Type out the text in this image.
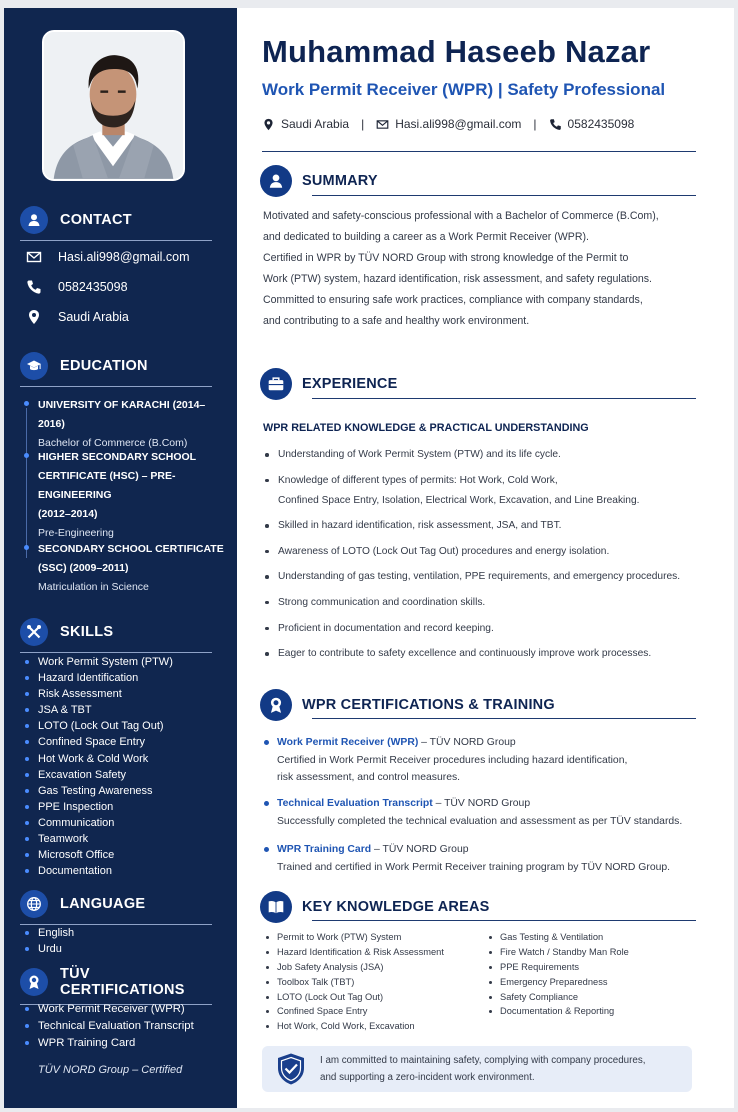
CONTACT
Hasi.ali998@gmail.com
0582435098
Saudi Arabia
EDUCATION
UNIVERSITY OF KARACHI (2014–2016)
Bachelor of Commerce (B.Com)
HIGHER SECONDARY SCHOOL
CERTIFICATE (HSC) – PRE-ENGINEERING
(2012–2014)
Pre-Engineering
SECONDARY SCHOOL CERTIFICATE
(SSC) (2009–2011)
Matriculation in Science
SKILLS
Work Permit System (PTW)
Hazard Identification
Risk Assessment
JSA & TBT
LOTO (Lock Out Tag Out)
Confined Space Entry
Hot Work & Cold Work
Excavation Safety
Gas Testing Awareness
PPE Inspection
Communication
Teamwork
Microsoft Office
Documentation
LANGUAGE
English
Urdu
TÜV CERTIFICATIONS
Work Permit Receiver (WPR)
Technical Evaluation Transcript
WPR Training Card
TÜV NORD Group – Certified
Muhammad Haseeb Nazar
Work Permit Receiver (WPR) | Safety Professional
Saudi Arabia |	Hasi.ali998@gmail.com |	0582435098
SUMMARY
Motivated and safety-conscious professional with a Bachelor of Commerce (B.Com),
and dedicated to building a career as a Work Permit Receiver (WPR).
Certified in WPR by TÜV NORD Group with strong knowledge of the Permit to
Work (PTW) system, hazard identification, risk assessment, and safety regulations.
Committed to ensuring safe work practices, compliance with company standards,
and contributing to a safe and healthy work environment.
EXPERIENCE
WPR RELATED KNOWLEDGE & PRACTICAL UNDERSTANDING
Understanding of Work Permit System (PTW) and its life cycle.
Knowledge of different types of permits: Hot Work, Cold Work,
Confined Space Entry, Isolation, Electrical Work, Excavation, and Line Breaking.
Skilled in hazard identification, risk assessment, JSA, and TBT.
Awareness of LOTO (Lock Out Tag Out) procedures and energy isolation.
Understanding of gas testing, ventilation, PPE requirements, and emergency procedures.
Strong communication and coordination skills.
Proficient in documentation and record keeping.
Eager to contribute to safety excellence and continuously improve work processes.
WPR CERTIFICATIONS & TRAINING
Work Permit Receiver (WPR) – TÜV NORD Group
Certified in Work Permit Receiver procedures including hazard identification,
risk assessment, and control measures.
Technical Evaluation Transcript – TÜV NORD Group
Successfully completed the technical evaluation and assessment as per TÜV standards.
WPR Training Card – TÜV NORD Group
Trained and certified in Work Permit Receiver training program by TÜV NORD Group.
KEY KNOWLEDGE AREAS
Permit to Work (PTW) System
Hazard Identification & Risk Assessment
Job Safety Analysis (JSA)
Toolbox Talk (TBT)
LOTO (Lock Out Tag Out)
Confined Space Entry
Hot Work, Cold Work, Excavation
Gas Testing & Ventilation
Fire Watch / Standby Man Role
PPE Requirements
Emergency Preparedness
Safety Compliance
Documentation & Reporting
I am committed to maintaining safety, complying with company procedures,
and supporting a zero-incident work environment.
